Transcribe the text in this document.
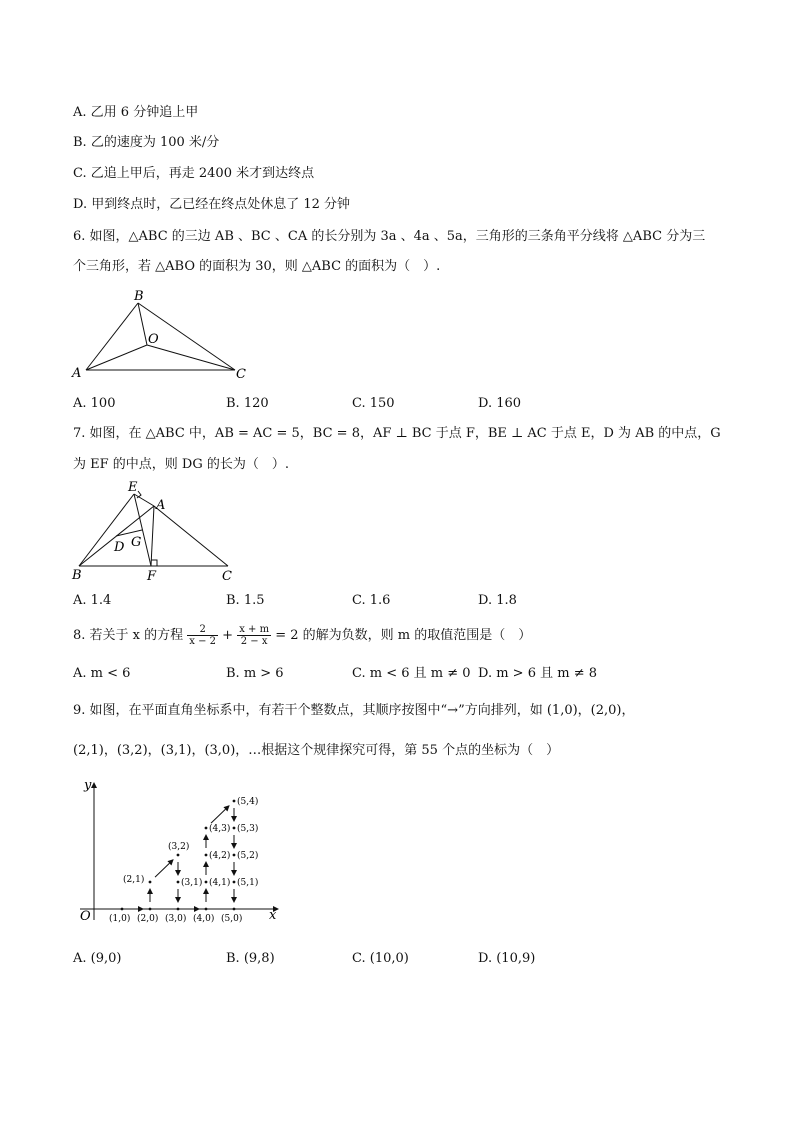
A. 乙用 6 分钟追上甲
B. 乙的速度为 100 米/分
C. 乙追上甲后，再走 2400 米才到达终点
D. 甲到终点时，乙已经在终点处休息了 12 分钟
6. 如图，△ABC 的三边 AB 、BC 、CA 的长分别为 3a 、4a 、5a，三角形的三条角平分线将 △ABC 分为三
个三角形，若 △ABO 的面积为 30，则 △ABC 的面积为（　）.
A
B
C
O
A. 100	B. 120	C. 150	D. 160
7. 如图，在 △ABC 中，AB = AC = 5，BC = 8，AF ⊥ BC 于点 F，BE ⊥ AC 于点 E，D 为 AB 的中点，G
为 EF 的中点，则 DG 的长为（　）.
E
A
D G
B	F	C
A. 1.4	B. 1.5	C. 1.6	D. 1.8
8. 若关于 x 的方程 $\frac{2}{x - 2} + \frac{x + m}{2 - x} = 2$ 的解为负数，则 m 的取值范围是（　）
A. m < 6	B. m > 6	C. m < 6 且 m ≠ 0 D. m > 6 且 m ≠ 8
9. 如图，在平面直角坐标系中，有若干个整数点，其顺序按图中“→”方向排列，如 (1,0)，(2,0)，
(2,1)，(3,2)，(3,1)，(3,0)，…根据这个规律探究可得，第 55 个点的坐标为（　）
y
x
O (1,0) (2,0)
(2,1)
(3,2)
(3,1)
(3,0) (4,0)
(4,1)
(4,2)
(4,3)
(5,4)
(5,3)
(5,2)
(5,1)
(5,0)
A. (9,0)	B. (9,8)	C. (10,0)	D. (10,9)
